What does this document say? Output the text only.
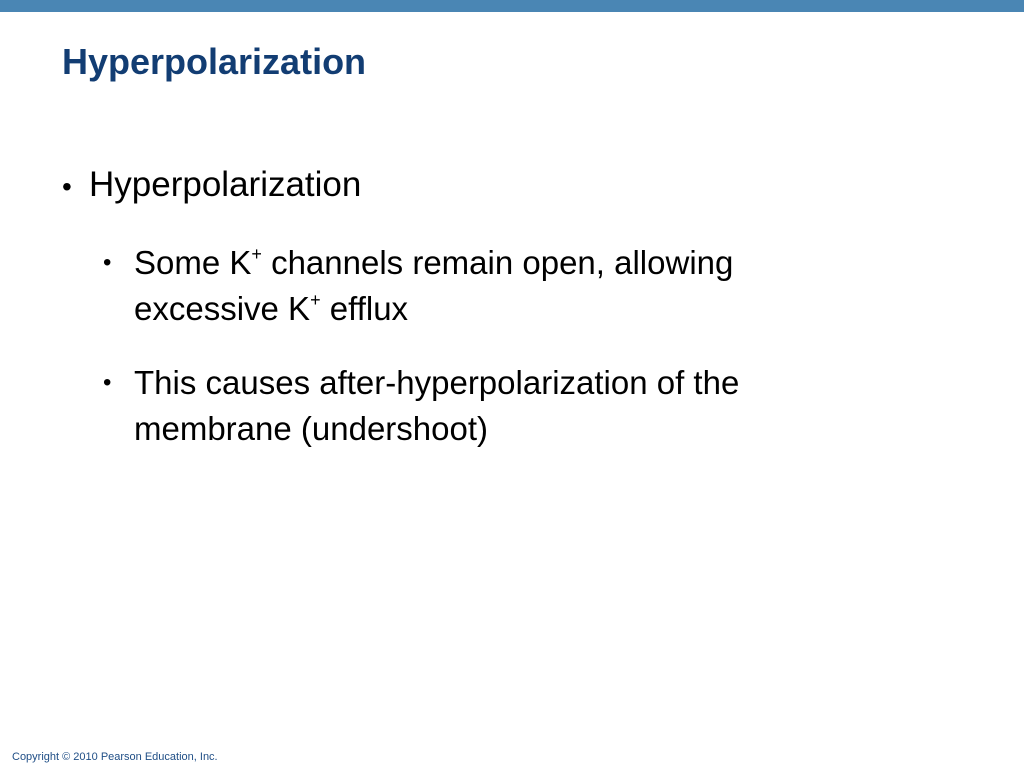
Hyperpolarization
• Hyperpolarization
• Some K+ channels remain open, allowing
excessive K+ efflux
• This causes after-hyperpolarization of the
membrane (undershoot)
Copyright © 2010 Pearson Education, Inc.
